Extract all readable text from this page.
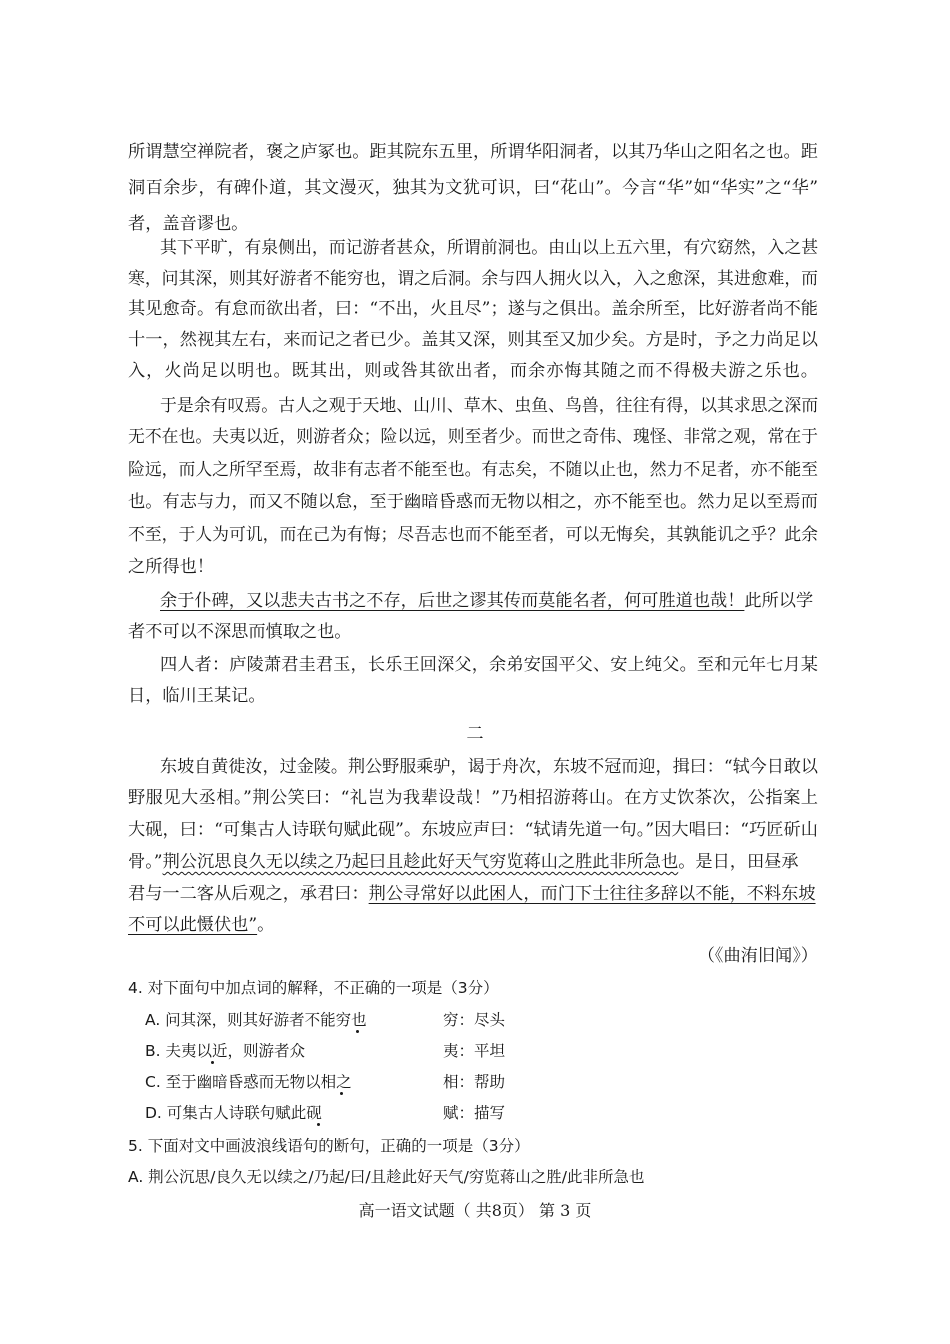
所谓慧空禅院者，褒之庐冢也。距其院东五里，所谓华阳洞者，以其乃华山之阳名之也。距
洞百余步，有碑仆道，其文漫灭，独其为文犹可识，曰“花山”。今言“华”如“华实”之“华”
者，盖音谬也。
其下平旷，有泉侧出，而记游者甚众，所谓前洞也。由山以上五六里，有穴窈然，入之甚
寒，问其深，则其好游者不能穷也，谓之后洞。余与四人拥火以入，入之愈深，其进愈难，而
其见愈奇。有怠而欲出者，曰：“不出，火且尽”；遂与之俱出。盖余所至，比好游者尚不能
十一，然视其左右，来而记之者已少。盖其又深，则其至又加少矣。方是时，予之力尚足以
入，火尚足以明也。既其出，则或咎其欲出者，而余亦悔其随之而不得极夫游之乐也。
于是余有叹焉。古人之观于天地、山川、草木、虫鱼、鸟兽，往往有得，以其求思之深而
无不在也。夫夷以近，则游者众；险以远，则至者少。而世之奇伟、瑰怪、非常之观，常在于
险远，而人之所罕至焉，故非有志者不能至也。有志矣，不随以止也，然力不足者，亦不能至
也。有志与力，而又不随以怠，至于幽暗昏惑而无物以相之，亦不能至也。然力足以至焉而
不至，于人为可讥，而在己为有悔；尽吾志也而不能至者，可以无悔矣，其孰能讥之乎？此余
之所得也！
余于仆碑，又以悲夫古书之不存，后世之谬其传而莫能名者，何可胜道也哉！此所以学
者不可以不深思而慎取之也。
四人者：庐陵萧君圭君玉，长乐王回深父，余弟安国平父、安上纯父。至和元年七月某
日，临川王某记。
二
东坡自黄徙汝，过金陵。荆公野服乘驴，谒于舟次，东坡不冠而迎，揖曰：“轼今日敢以
野服见大丞相。”荆公笑曰：“礼岂为我辈设哉！”乃相招游蒋山。在方丈饮茶次，公指案上
大砚，曰：“可集古人诗联句赋此砚”。东坡应声曰：“轼请先道一句。”因大唱曰：“巧匠斫山
骨。”荆公沉思良久无以续之乃起曰且趁此好天气穷览蒋山之胜此非所急也。是日，田昼承
君与一二客从后观之，承君曰：荆公寻常好以此困人，而门下士往往多辞以不能，不料东坡
不可以此慑伏也”。
（《曲洧旧闻》）
4. 对下面句中加点词的解释，不正确的一项是（3分）
A. 问其深，则其好游者不能穷也	穷：尽头
B. 夫夷以近，则游者众	夷：平坦
C. 至于幽暗昏惑而无物以相之	相：帮助
D. 可集古人诗联句赋此砚	赋：描写
5. 下面对文中画波浪线语句的断句，正确的一项是（3分）
A. 荆公沉思/良久无以续之/乃起/曰/且趁此好天气/穷览蒋山之胜/此非所急也
高一语文试题（ 共8页） 第 3 页
